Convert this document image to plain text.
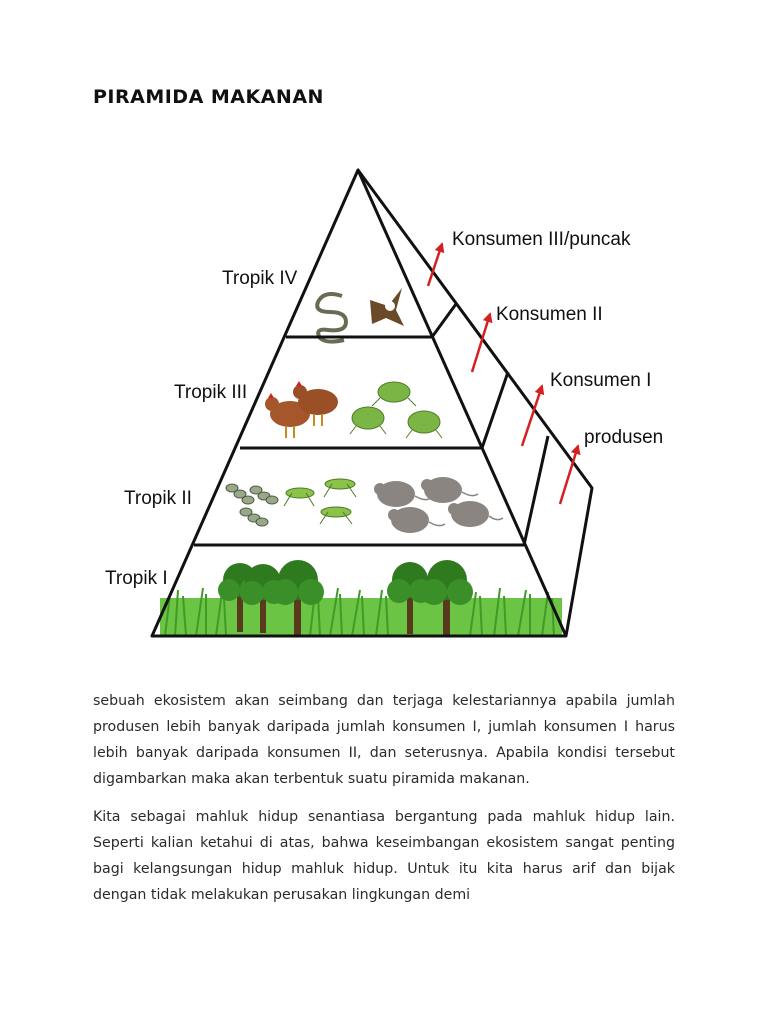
PIRAMIDA MAKANAN
Tropik IV
Tropik III
Tropik II
Tropik I
Konsumen III/puncak
Konsumen II
Konsumen I
produsen

sebuah ekosistem akan seimbang dan terjaga kelestariannya apabila jumlah produsen lebih banyak daripada jumlah konsumen I, jumlah konsumen I harus lebih banyak daripada konsumen II, dan seterusnya. Apabila kondisi tersebut digambarkan maka akan terbentuk suatu piramida makanan.

Kita sebagai mahluk hidup senantiasa bergantung pada mahluk hidup lain. Seperti kalian ketahui di atas, bahwa keseimbangan ekosistem sangat penting bagi kelangsungan hidup mahluk hidup. Untuk itu kita harus arif dan bijak dengan tidak melakukan perusakan lingkungan demi
